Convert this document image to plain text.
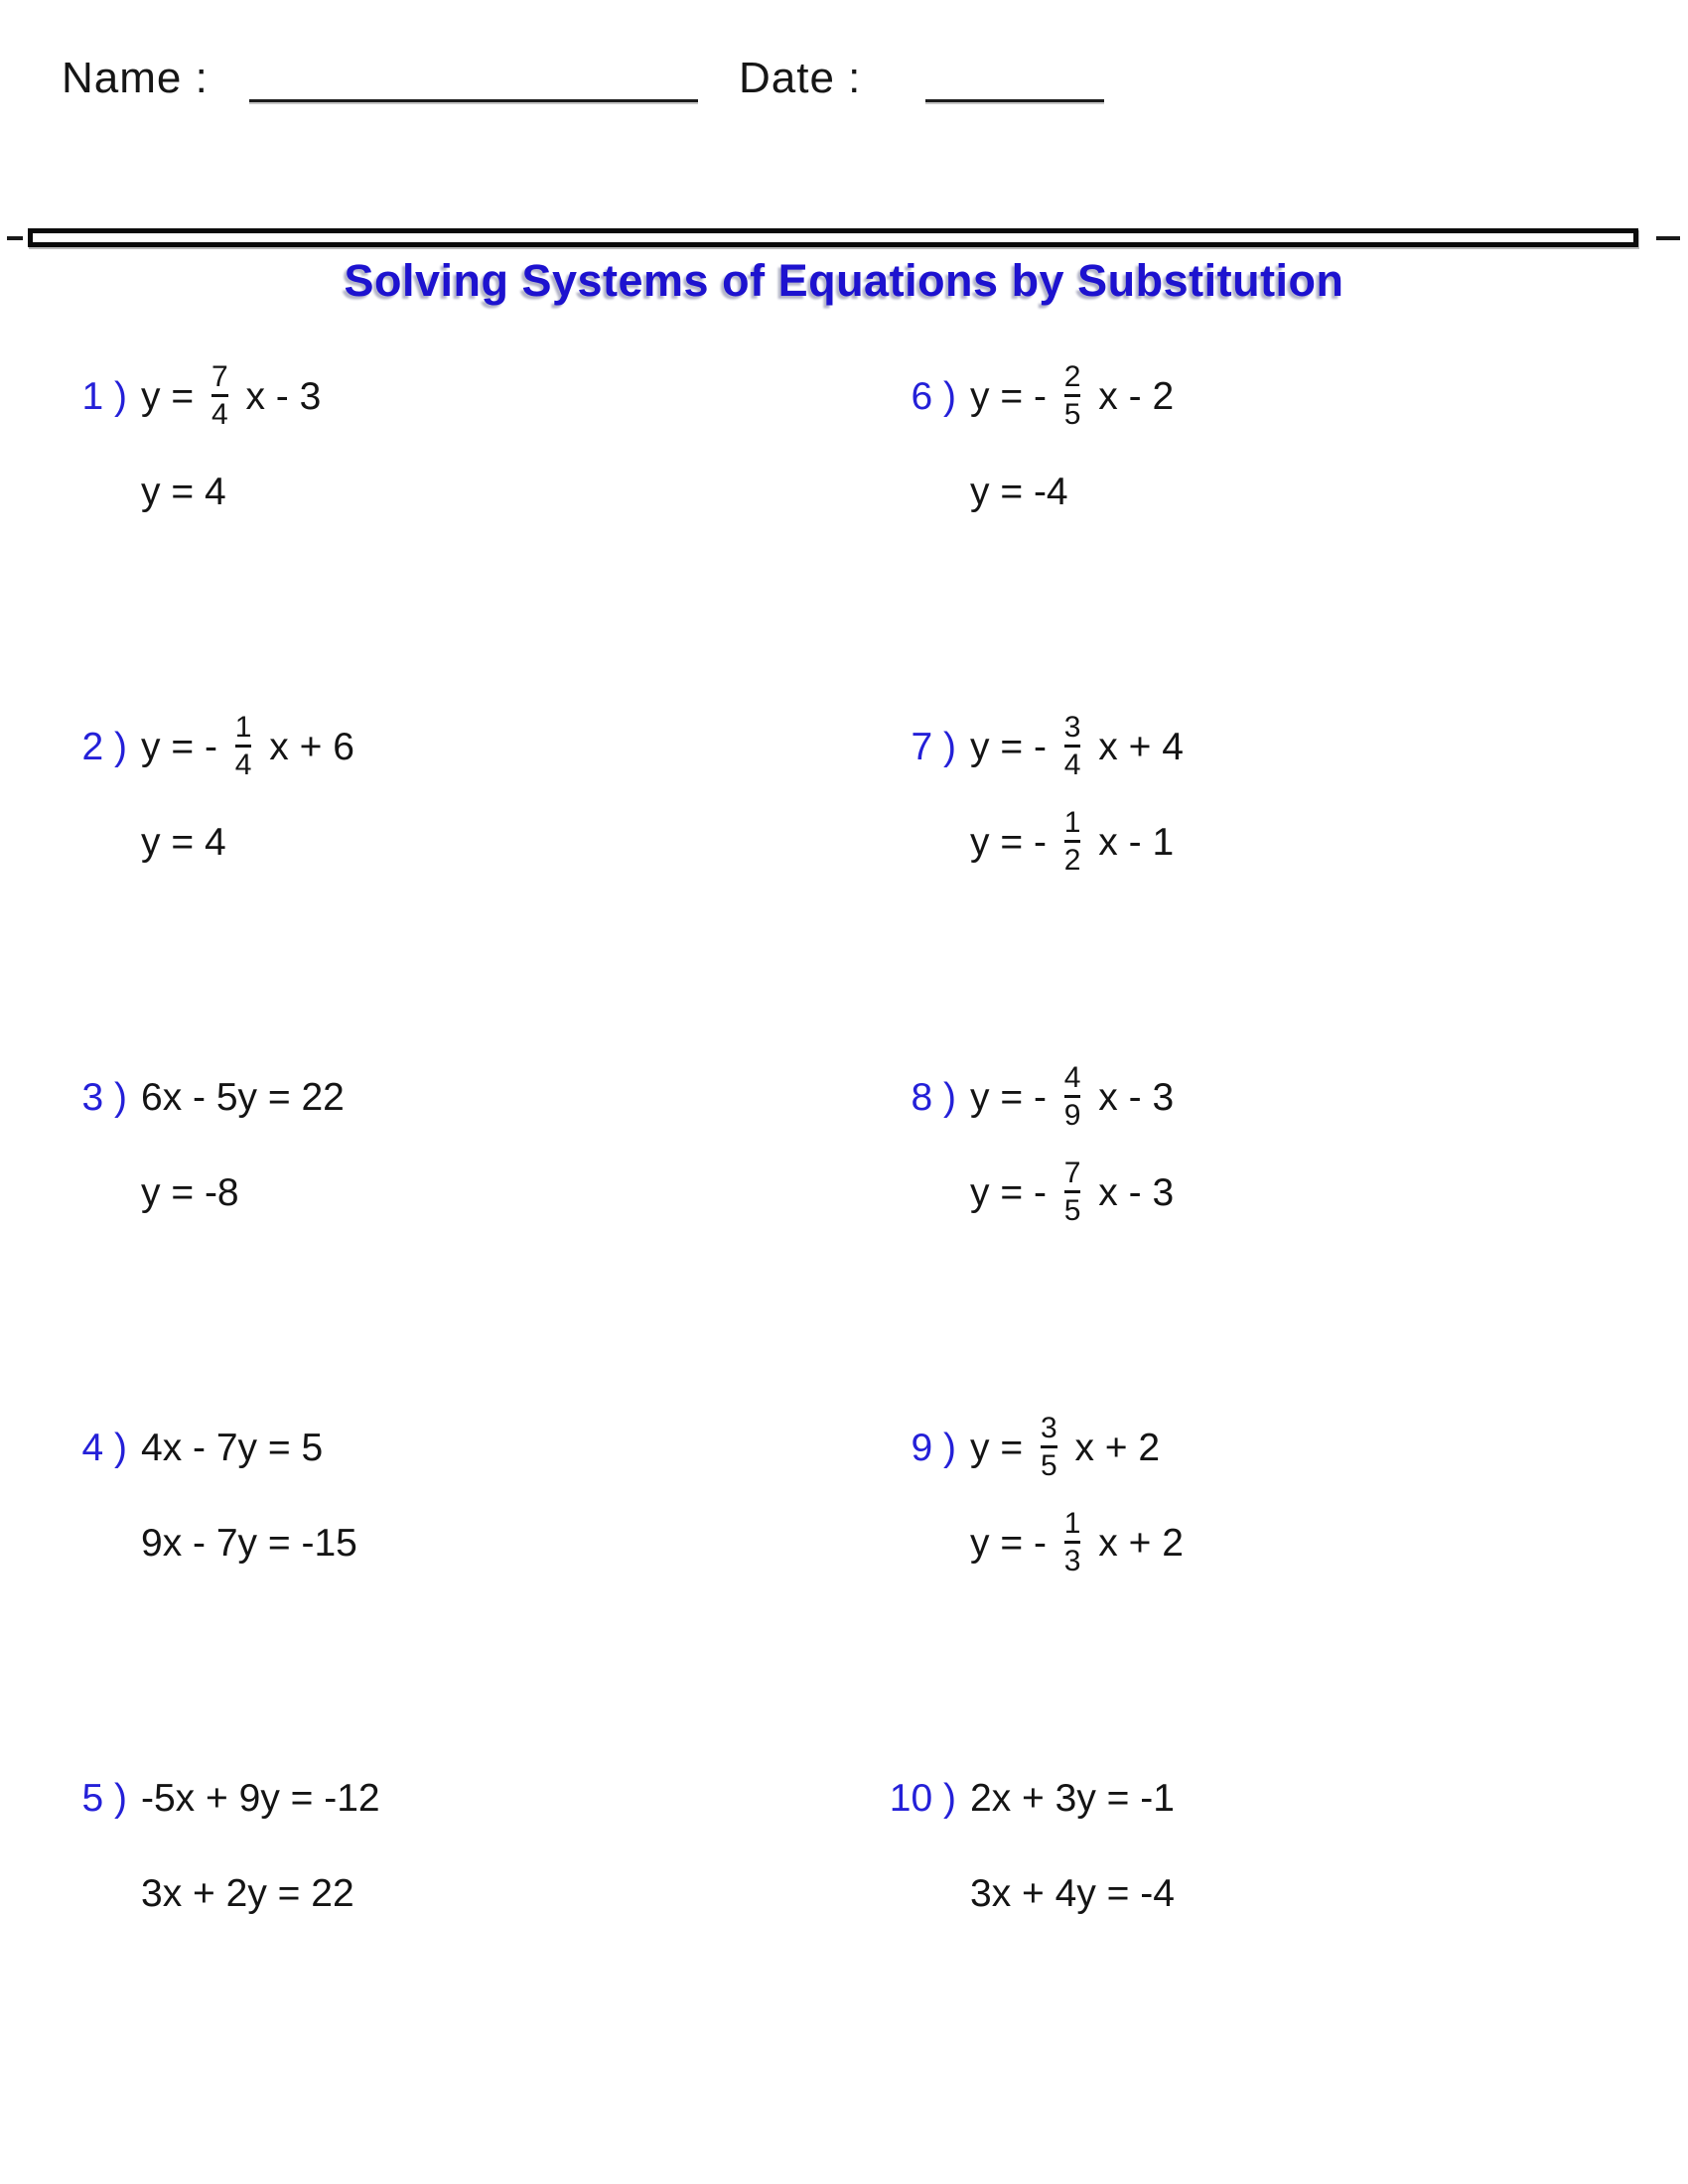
Name :	Date :
Solving Systems of Equations by Substitution
1 ) $y = \frac{7}{4}$ x - 3
y = 4
2 ) y = - $\frac{1}{4}$ x + 6
y = 4
3 ) 6x - 5y = 22
y = -8
4 ) 4x - 7y = 5
9x - 7y = -15
5 ) -5x + 9y = -12
3x + 2y = 22
6 ) y = - $\frac{2}{5}$ x - 2
y = -4
7 ) y = - $\frac{3}{4}$ x + 4
y = - $\frac{1}{2}$ x - 1
8 ) y = - $\frac{4}{9}$ x - 3
y = - $\frac{7}{5}$ x - 3
9 ) $y = \frac{3}{5}$ x + 2
y = - $\frac{1}{3}$ x + 2
10 ) 2x + 3y = -1
3x + 4y = -4
